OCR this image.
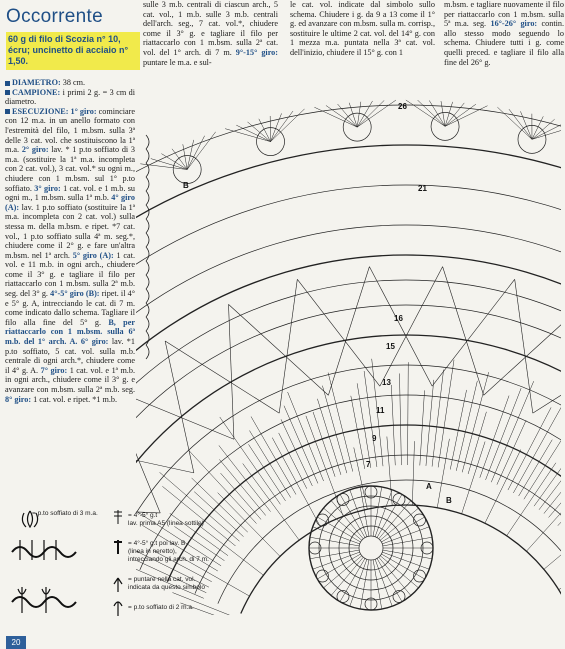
Occorrente
60 g di filo di Scozia n° 10, écru; uncinetto di acciaio n° 1,50.
DIAMETRO: 38 cm.
CAMPIONE: i primi 2 g. = 3 cm di diametro.
ESECUZIONE: 1° giro: cominciare con 12 m.a. in un anello formato con l'estremità del filo, 1 m.bsm. sulla 3ª delle 3 cat. vol. che sostituiscono la 1ª m.a. 2° giro: lav. * 1 p.to soffiato di 3 m.a. (sostituire la 1ª m.a. incompleta con 2 cat. vol.), 3 cat. vol.* su ogni m., chiudere con 1 m.bsm. sul 1° p.to soffiato. 3° giro: 1 cat. vol. e 1 m.b. su ogni m., 1 m.bsm. sulla 1ª m.b. 4° giro (A): lav. 1 p.to soffiato (sostituire la 1ª m.a. incompleta con 2 cat. vol.) sulla stessa m. della m.bsm. e ripet. *7 cat. vol., 1 p.to soffiato sulla 4ª m. seg.*, chiudere come il 2° g. e fare un'altra m.bsm. nel 1ª arch. 5° giro (A): 1 cat. vol. e 11 m.b. in ogni arch., chiudere come il 3° g. e tagliare il filo per riattaccarlo con 1 m.bsm. sulla 2ª m.b. seg. del 3° g. 4°-5° giro (B): ripet. il 4° e 5° g. A, intrecciando le cat. di 7 m. come indicato dallo schema. Tagliare il filo alla fine del 5° g. B, per riattaccarlo con 1 m.bsm. sulla 6ª m.b. del 1° arch. A. 6° giro: lav. *1 p.to soffiato, 5 cat. vol. sulla m.b. centrale di ogni arch.*, chiudere come il 4° g. A. 7° giro: 1 cat. vol. e 1ª m.b. in ogni arch., chiudere come il 3° g. e avanzare con m.bsm. sulla 2ª m.b. seg. 8° giro: 1 cat. vol. e ripet. *1 m.b.
sulle 3 m.b. centrali di ciascun arch., 5 cat. vol., 1 m.b. sulle 3 m.b. centrali dell'arch. seg., 7 cat. vol.*, chiudere come il 3° g. e tagliare il filo per riattaccarlo con 1 m.bsm. sulla 2ª cat. vol. del 1° arch. di 7 m. 9°-15° giro: puntare le m.a. e sul-
le cat. vol. indicate dal simbolo sullo schema. Chiudere i g. da 9 a 13 come il 1° g. ed avanzare con m.bsm. sulla m. corrisp., sostituire le ultime 2 cat. vol. del 14° g. con 1 mezza m.a. puntata nella 3ª cat. vol. dell'inizio, chiudere il 15° g. con 1
m.bsm. e tagliare nuovamente il filo per riattaccarlo con 1 m.bsm. sulla 5ª m.a. seg. 16°-26° giro: contin. allo stesso modo seguendo lo schema. Chiudere tutti i g. come quelli preced. e tagliare il filo alla fine del 26° g.
26
21
16
15
13
11
9
7
B
B
A
= p.to soffiato di 3 m.a.	= 4°-5° g.t
lav. prima A5 (linea sottile)
= 4°-5° g.t poi lav. B
(linea in neretto),
intrecciando gli arch. di 7 m.
= puntare nella cat. vol.
indicata da questo simbolo
= p.to soffiato di 2 m.a.
20
